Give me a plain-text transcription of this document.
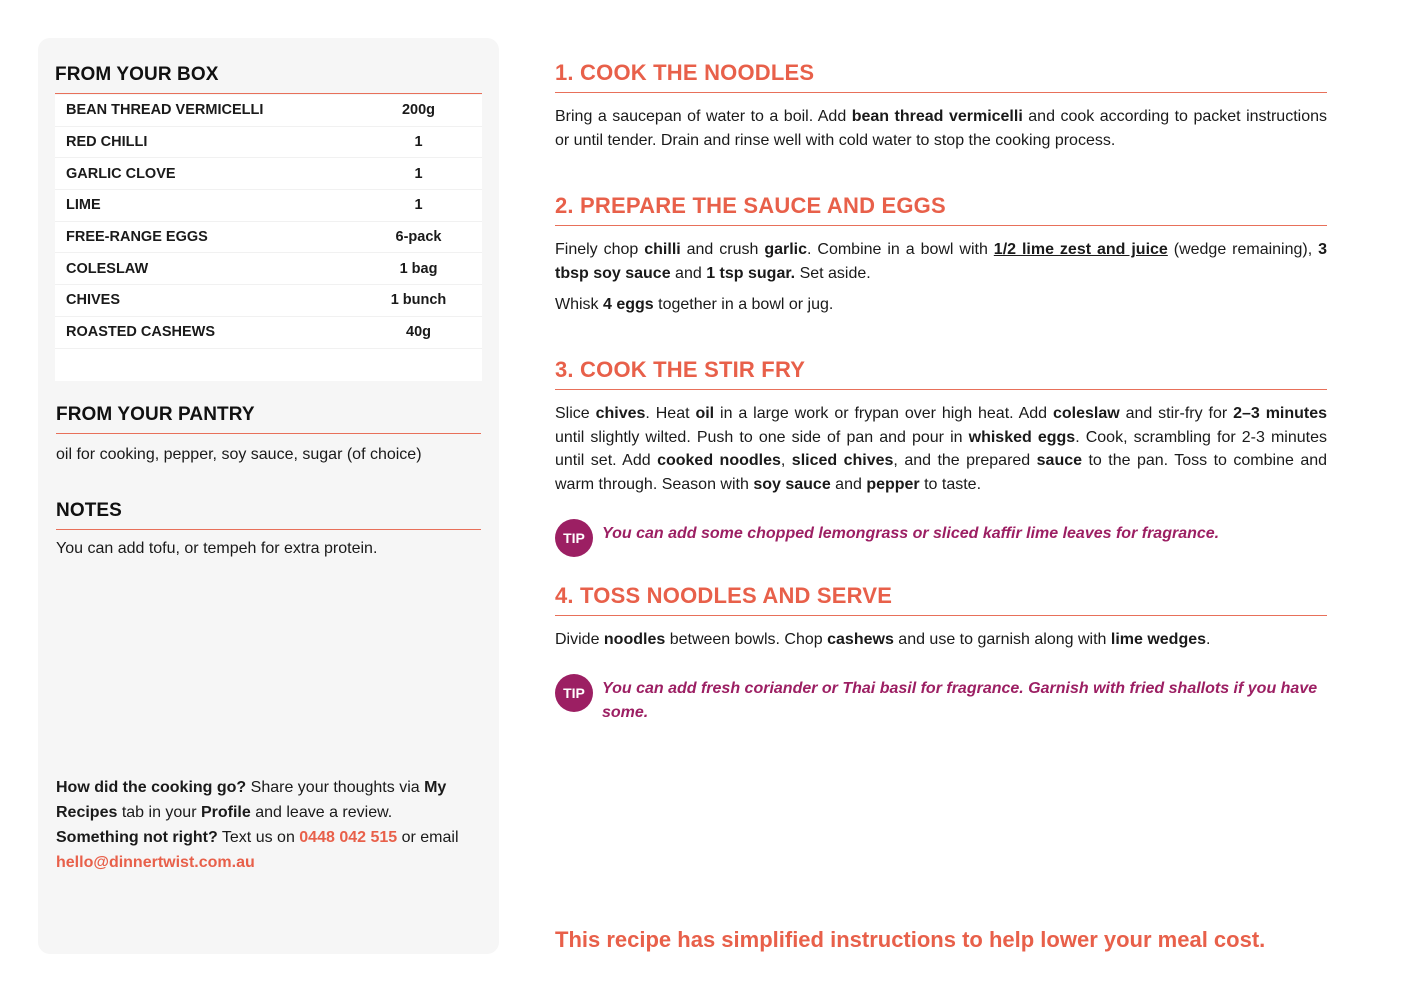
FROM YOUR BOX
BEAN THREAD VERMICELLI	200g
RED CHILLI	1
GARLIC CLOVE	1
LIME	1
FREE-RANGE EGGS	6-pack
COLESLAW	1 bag
CHIVES	1 bunch
ROASTED CASHEWS	40g
FROM YOUR PANTRY
oil for cooking, pepper, soy sauce, sugar (of choice)
NOTES
You can add tofu, or tempeh for extra protein.
How did the cooking go? Share your thoughts via My Recipes tab in your Profile and leave a review.
Something not right? Text us on 0448 042 515 or email hello@dinnertwist.com.au
1. COOK THE NOODLES
Bring a saucepan of water to a boil. Add bean thread vermicelli and cook according to packet instructions or until tender. Drain and rinse well with cold water to stop the cooking process.
2. PREPARE THE SAUCE AND EGGS
Finely chop chilli and crush garlic. Combine in a bowl with 1/2 lime zest and juice (wedge remaining), 3 tbsp soy sauce and 1 tsp sugar. Set aside.
Whisk 4 eggs together in a bowl or jug.
3. COOK THE STIR FRY
Slice chives. Heat oil in a large work or frypan over high heat. Add coleslaw and stir-fry for 2–3 minutes until slightly wilted. Push to one side of pan and pour in whisked eggs. Cook, scrambling for 2-3 minutes until set. Add cooked noodles, sliced chives, and the prepared sauce to the pan. Toss to combine and warm through. Season with soy sauce and pepper to taste.
TIP	You can add some chopped lemongrass or sliced kaffir lime leaves for fragrance.
4. TOSS NOODLES AND SERVE
Divide noodles between bowls. Chop cashews and use to garnish along with lime wedges.
TIP	You can add fresh coriander or Thai basil for fragrance. Garnish with fried shallots if you have some.
This recipe has simplified instructions to help lower your meal cost.
